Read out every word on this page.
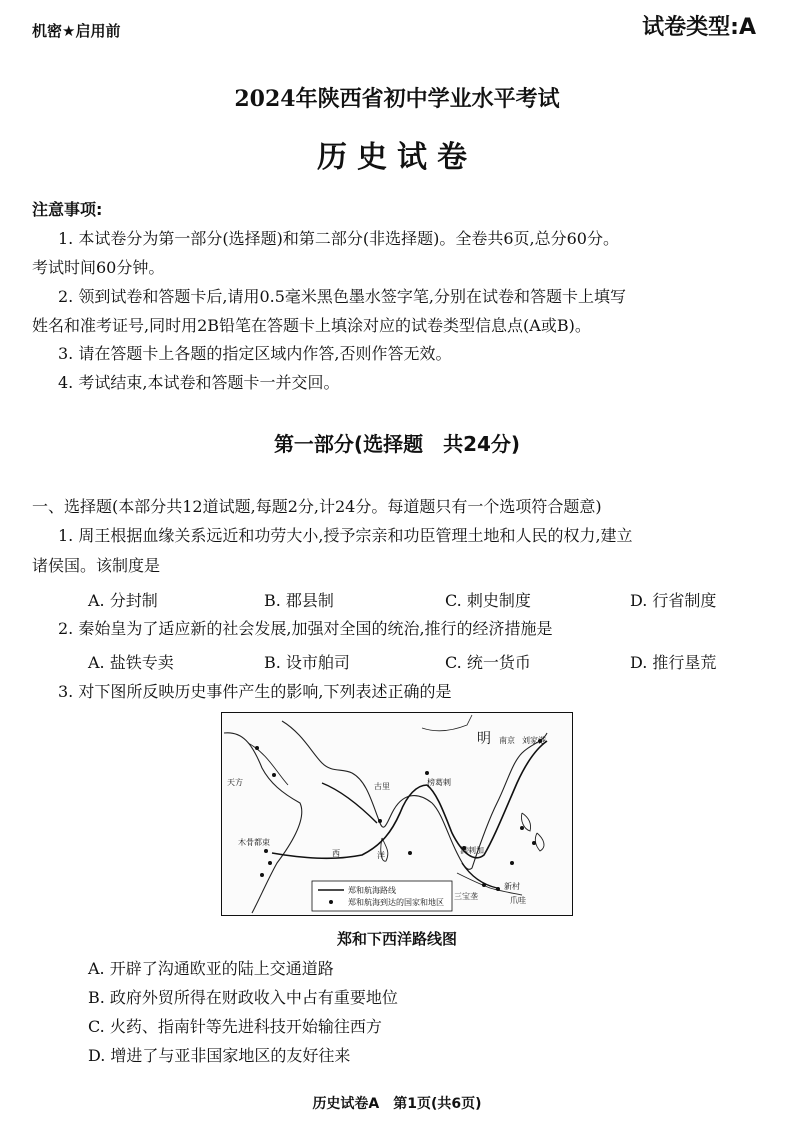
机密★启用前	试卷类型:A
2024年陕西省初中学业水平考试
历史试卷
注意事项:
1. 本试卷分为第一部分(选择题)和第二部分(非选择题)。全卷共6页,总分60分。
考试时间60分钟。
2. 领到试卷和答题卡后,请用0.5毫米黑色墨水签字笔,分别在试卷和答题卡上填写
姓名和准考证号,同时用2B铅笔在答题卡上填涂对应的试卷类型信息点(A或B)。
3. 请在答题卡上各题的指定区域内作答,否则作答无效。
4. 考试结束,本试卷和答题卡一并交回。
第一部分(选择题　共24分)
一、选择题(本部分共12道试题,每题2分,计24分。每道题只有一个选项符合题意)
1. 周王根据血缘关系远近和功劳大小,授予宗亲和功臣管理土地和人民的权力,建立
诸侯国。该制度是
A. 分封制	B. 郡县制	C. 刺史制度	D. 行省制度
2. 秦始皇为了适应新的社会发展,加强对全国的统治,推行的经济措施是
A. 盐铁专卖	B. 设市舶司	C. 统一货币	D. 推行垦荒
3. 对下图所反映历史事件产生的影响,下列表述正确的是
郑和航海路线
郑和航海到达的国家和地区
明 南京 刘家港
天方	古里	榜葛剌
木骨都束
满剌加
三宝垄
新村
爪哇
西	洋
郑和下西洋路线图
A. 开辟了沟通欧亚的陆上交通道路
B. 政府外贸所得在财政收入中占有重要地位
C. 火药、指南针等先进科技开始输往西方
D. 增进了与亚非国家地区的友好往来
历史试卷A　第1页(共6页)
